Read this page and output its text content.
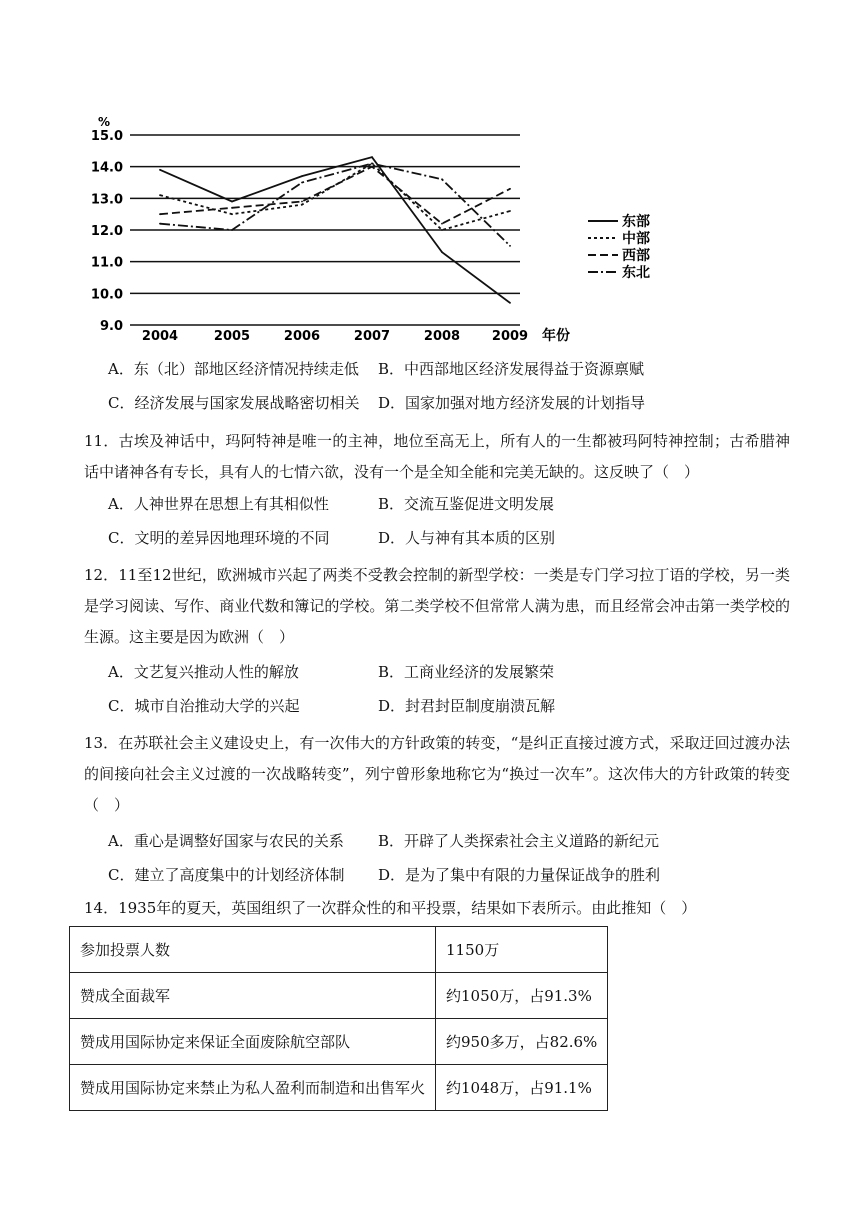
%
15.0
14.0
13.0
12.0
11.0
10.0
9.0
2004	2005	2006	2007	2008 2009 年份
东部
中部
西部
东北
A．东（北）部地区经济情况持续走低 B．中西部地区经济发展得益于资源禀赋
C．经济发展与国家发展战略密切相关 D．国家加强对地方经济发展的计划指导
11．古埃及神话中，玛阿特神是唯一的主神，地位至高无上，所有人的一生都被玛阿特神控制；古希腊神话中诸神各有专长，具有人的七情六欲，没有一个是全知全能和完美无缺的。这反映了（　）
A．人神世界在思想上有其相似性	B．交流互鉴促进文明发展
C．文明的差异因地理环境的不同	D．人与神有其本质的区别
12．11至12世纪，欧洲城市兴起了两类不受教会控制的新型学校：一类是专门学习拉丁语的学校，另一类是学习阅读、写作、商业代数和簿记的学校。第二类学校不但常常人满为患，而且经常会冲击第一类学校的生源。这主要是因为欧洲（　）
A．文艺复兴推动人性的解放	B．工商业经济的发展繁荣
C．城市自治推动大学的兴起	D．封君封臣制度崩溃瓦解
13．在苏联社会主义建设史上，有一次伟大的方针政策的转变，“是纠正直接过渡方式，采取迂回过渡办法的间接向社会主义过渡的一次战略转变”，列宁曾形象地称它为“换过一次车”。这次伟大的方针政策的转变（　）
A．重心是调整好国家与农民的关系 B．开辟了人类探索社会主义道路的新纪元
C．建立了高度集中的计划经济体制 D．是为了集中有限的力量保证战争的胜利
14．1935年的夏天，英国组织了一次群众性的和平投票，结果如下表所示。由此推知（　）
参加投票人数	1150万
赞成全面裁军	约1050万，占91.3%
赞成用国际协定来保证全面废除航空部队	约950多万，占82.6%
赞成用国际协定来禁止为私人盈利而制造和出售军火	约1048万，占91.1%
